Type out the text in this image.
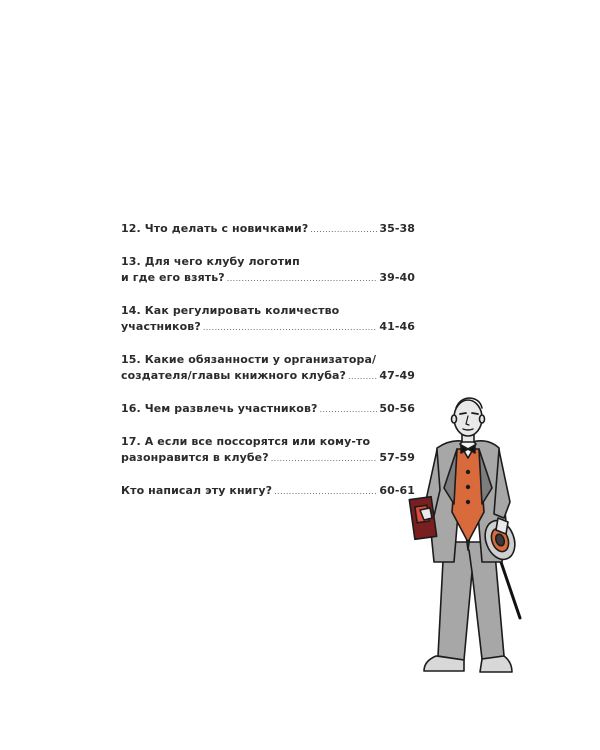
12. Что делать с новичками? .....	35-38
13. Для чего клубу логотип
и где его взять? .....	39-40
14. Как регулировать количество
участников? .....	41-46
15. Какие обязанности у организатора/
создателя/главы книжного клуба? .....	47-49
16. Чем развлечь участников? .....	50-56
17. А если все поссорятся или кому-то
разонравится в клубе? .....	57-59
Кто написал эту книгу? .....	60-61
